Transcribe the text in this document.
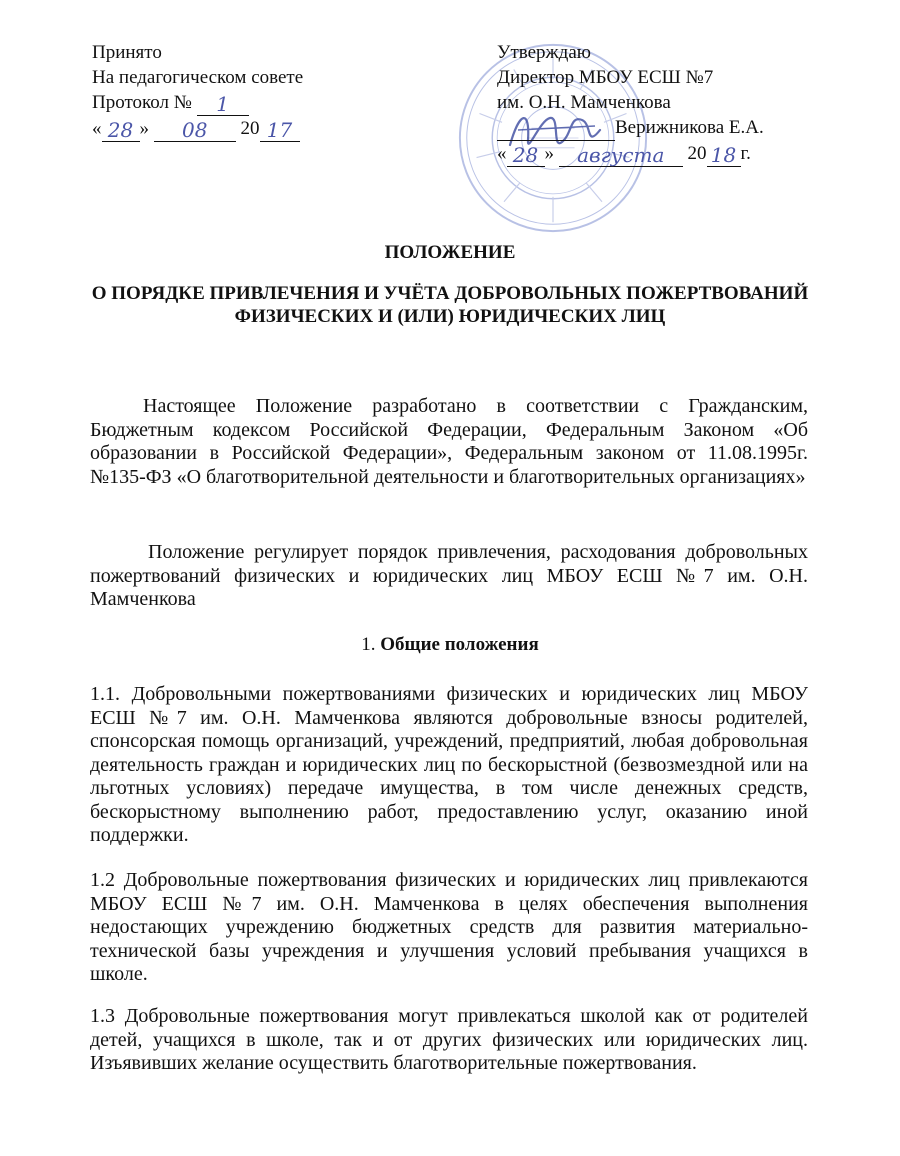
Принято
На педагогическом совете
Протокол №	1
« 28 »	08	20 17
Утверждаю
Директор МБОУ ЕСШ №7
им. О.Н. Мамченкова
Верижникова Е.А.
« 28 »	августа	20 18 г.
ПОЛОЖЕНИЕ
О ПОРЯДКЕ ПРИВЛЕЧЕНИЯ И УЧЁТА ДОБРОВОЛЬНЫХ ПОЖЕРТВОВАНИЙ
ФИЗИЧЕСКИХ И (ИЛИ) ЮРИДИЧЕСКИХ ЛИЦ
Настоящее Положение разработано в соответствии с Гражданским, Бюджетным кодексом Российской Федерации, Федеральным Законом «Об образовании в Российской Федерации», Федеральным законом от 11.08.1995г. №135-ФЗ «О благотворительной деятельности и благотворительных организациях»
Положение регулирует порядок привлечения, расходования добровольных пожертвований физических и юридических лиц МБОУ ЕСШ №7 им. О.Н. Мамченкова
1. Общие положения
1.1. Добровольными пожертвованиями физических и юридических лиц МБОУ ЕСШ №7 им. О.Н. Мамченкова являются добровольные взносы родителей, спонсорская помощь организаций, учреждений, предприятий, любая добровольная деятельность граждан и юридических лиц по бескорыстной (безвозмездной или на льготных условиях) передаче имущества, в том числе денежных средств, бескорыстному выполнению работ, предоставлению услуг, оказанию иной поддержки.
1.2 Добровольные пожертвования физических и юридических лиц привлекаются МБОУ ЕСШ №7 им. О.Н. Мамченкова в целях обеспечения выполнения недостающих учреждению бюджетных средств для развития материально-технической базы учреждения и улучшения условий пребывания учащихся в школе.
1.3 Добровольные пожертвования могут привлекаться школой как от родителей детей, учащихся в школе, так и от других физических или юридических лиц. Изъявивших желание осуществить благотворительные пожертвования.
